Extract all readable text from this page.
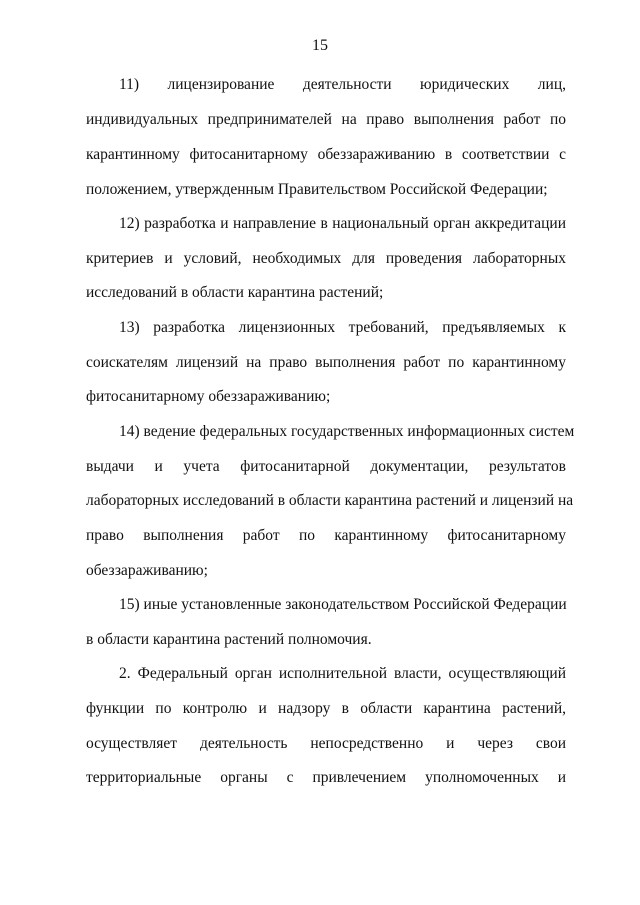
15
11) лицензирование деятельности юридических лиц,
индивидуальных предпринимателей на право выполнения работ по
карантинному фитосанитарному обеззараживанию в соответствии с
положением, утвержденным Правительством Российской Федерации;
12) разработка и направление в национальный орган аккредитации
критериев и условий, необходимых для проведения лабораторных
исследований в области карантина растений;
13) разработка лицензионных требований, предъявляемых к
соискателям лицензий на право выполнения работ по карантинному
фитосанитарному обеззараживанию;
14) ведение федеральных государственных информационных систем
выдачи и учета фитосанитарной документации, результатов
лабораторных исследований в области карантина растений и лицензий на
право выполнения работ по карантинному фитосанитарному
обеззараживанию;
15) иные установленные законодательством Российской Федерации
в области карантина растений полномочия.
2. Федеральный орган исполнительной власти, осуществляющий
функции по контролю и надзору в области карантина растений,
осуществляет деятельность непосредственно и через свои
территориальные органы с привлечением уполномоченных и
